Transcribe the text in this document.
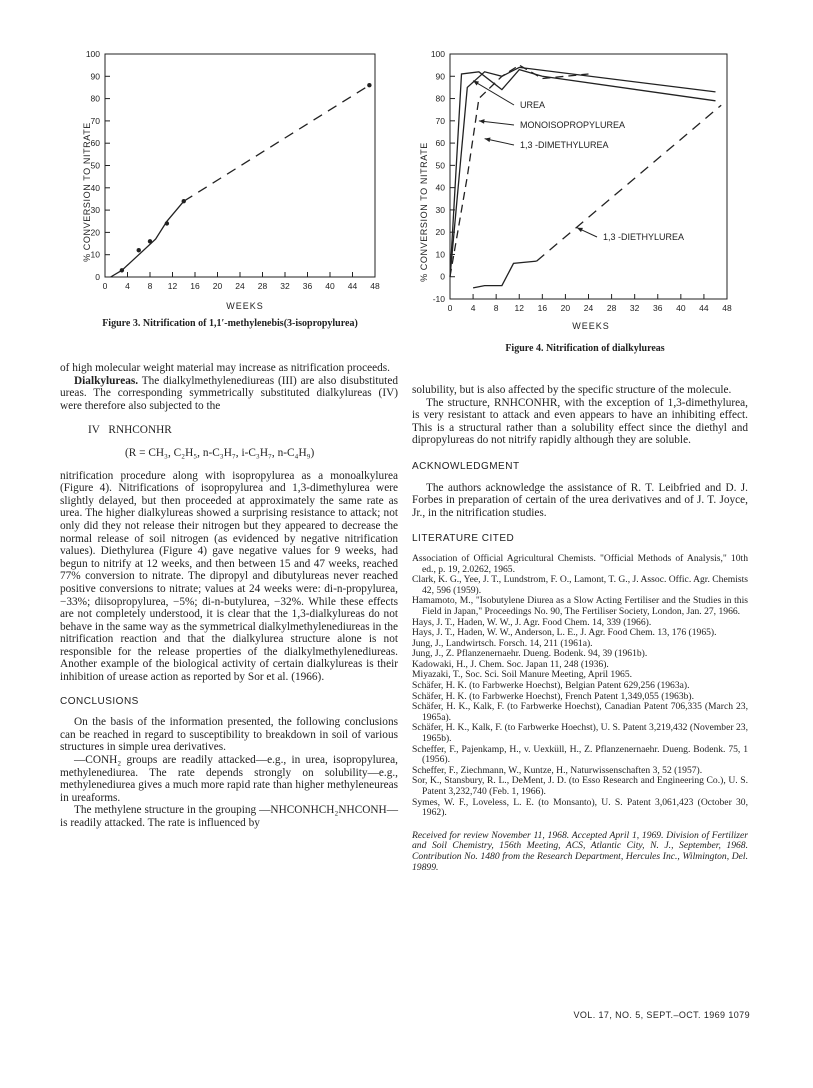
0 4 8 12 16 20 24 28 32 36 40 44 48
0
10
20
30
40
50
60
70
80
90
100
% CONVERSION TO NITRATE
WEEKS
Figure 3. Nitrification of 1,1′-methylenebis(3-isopropylurea)
0 4 8 12 16 20 24 28 32 36 40 44 48
-10
0
10
20
30
40
50
60
70
80
90
100
UREA
MONOISOPROPYLUREA
1,3 -DIMETHYLUREA
1,3 -DIETHYLUREA
% CONVERSION TO NITRATE
WEEKS
Figure 4. Nitrification of dialkylureas

of high molecular weight material may increase as nitrification proceeds.

Dialkylureas. The dialkylmethylenediureas (III) are also disubstituted ureas. The corresponding symmetrically substituted dialkylureas (IV) were therefore also subjected to the

IV RNHCONHR

(R = CH₃, C₂H₅, n-C₃H₇, i-C₃H₇, n-C₄H₉)

nitrification procedure along with isopropylurea as a monoalkylurea (Figure 4). Nitrifications of isopropylurea and 1,3-dimethylurea were slightly delayed, but then proceeded at approximately the same rate as urea. The higher dialkylureas showed a surprising resistance to attack; not only did they not release their nitrogen but they appeared to decrease the normal release of soil nitrogen (as evidenced by negative nitrification values). Diethylurea (Figure 4) gave negative values for 9 weeks, had begun to nitrify at 12 weeks, and then between 15 and 47 weeks, reached 77% conversion to nitrate. The dipropyl and dibutylureas never reached positive conversions to nitrate; values at 24 weeks were: di-n-propylurea, −33%; diisopropylurea, −5%; di-n-butylurea, −32%. While these effects are not completely understood, it is clear that the 1,3-dialkylureas do not behave in the same way as the symmetrical dialkylmethylenediureas in the nitrification reaction and that the dialkylurea structure alone is not responsible for the release properties of the dialkylmethylenediureas. Another example of the biological activity of certain dialkylureas is their inhibition of urease action as reported by Sor et al. (1966).

CONCLUSIONS

On the basis of the information presented, the following conclusions can be reached in regard to susceptibility to breakdown in soil of various structures in simple urea derivatives.

—CONH₂ groups are readily attacked—e.g., in urea, isopropylurea, methylenediurea. The rate depends strongly on solubility—e.g., methylenediurea gives a much more rapid rate than higher methyleneureas in ureaforms.

The methylene structure in the grouping —NHCONHCH₂NHCONH— is readily attacked. The rate is influenced by

solubility, but is also affected by the specific structure of the molecule.

The structure, RNHCONHR, with the exception of 1,3-dimethylurea, is very resistant to attack and even appears to have an inhibiting effect. This is a structural rather than a solubility effect since the diethyl and dipropylureas do not nitrify rapidly although they are soluble.

ACKNOWLEDGMENT

The authors acknowledge the assistance of R. T. Leibfried and D. J. Forbes in preparation of certain of the urea derivatives and of J. T. Joyce, Jr., in the nitrification studies.

LITERATURE CITED

Association of Official Agricultural Chemists. "Official Methods of Analysis," 10th ed., p. 19, 2.0262, 1965.

Clark, K. G., Yee, J. T., Lundstrom, F. O., Lamont, T. G., J. Assoc. Offic. Agr. Chemists 42, 596 (1959).

Hamamoto, M., "Isobutylene Diurea as a Slow Acting Fertiliser and the Studies in this Field in Japan," Proceedings No. 90, The Fertiliser Society, London, Jan. 27, 1966.

Hays, J. T., Haden, W. W., J. Agr. Food Chem. 14, 339 (1966).

Hays, J. T., Haden, W. W., Anderson, L. E., J. Agr. Food Chem. 13, 176 (1965).

Jung, J., Landwirtsch. Forsch. 14, 211 (1961a).

Jung, J., Z. Pflanzenernaehr. Dueng. Bodenk. 94, 39 (1961b).

Kadowaki, H., J. Chem. Soc. Japan 11, 248 (1936).

Miyazaki, T., Soc. Sci. Soil Manure Meeting, April 1965.

Schäfer, H. K. (to Farbwerke Hoechst), Belgian Patent 629,256 (1963a).

Schäfer, H. K. (to Farbwerke Hoechst), French Patent 1,349,055 (1963b).

Schäfer, H. K., Kalk, F. (to Farbwerke Hoechst), Canadian Patent 706,335 (March 23, 1965a).

Schäfer, H. K., Kalk, F. (to Farbwerke Hoechst), U. S. Patent 3,219,432 (November 23, 1965b).

Scheffer, F., Pajenkamp, H., v. Uexküll, H., Z. Pflanzenernaehr. Dueng. Bodenk. 75, 1 (1956).

Scheffer, F., Ziechmann, W., Kuntze, H., Naturwissenschaften 3, 52 (1957).

Sor, K., Stansbury, R. L., DeMent, J. D. (to Esso Research and Engineering Co.), U. S. Patent 3,232,740 (Feb. 1, 1966).

Symes, W. F., Loveless, L. E. (to Monsanto), U. S. Patent 3,061,423 (October 30, 1962).

Received for review November 11, 1968. Accepted April 1, 1969. Division of Fertilizer and Soil Chemistry, 156th Meeting, ACS, Atlantic City, N. J., September, 1968. Contribution No. 1480 from the Research Department, Hercules Inc., Wilmington, Del. 19899.

VOL. 17, NO. 5, SEPT.–OCT. 1969 1079
